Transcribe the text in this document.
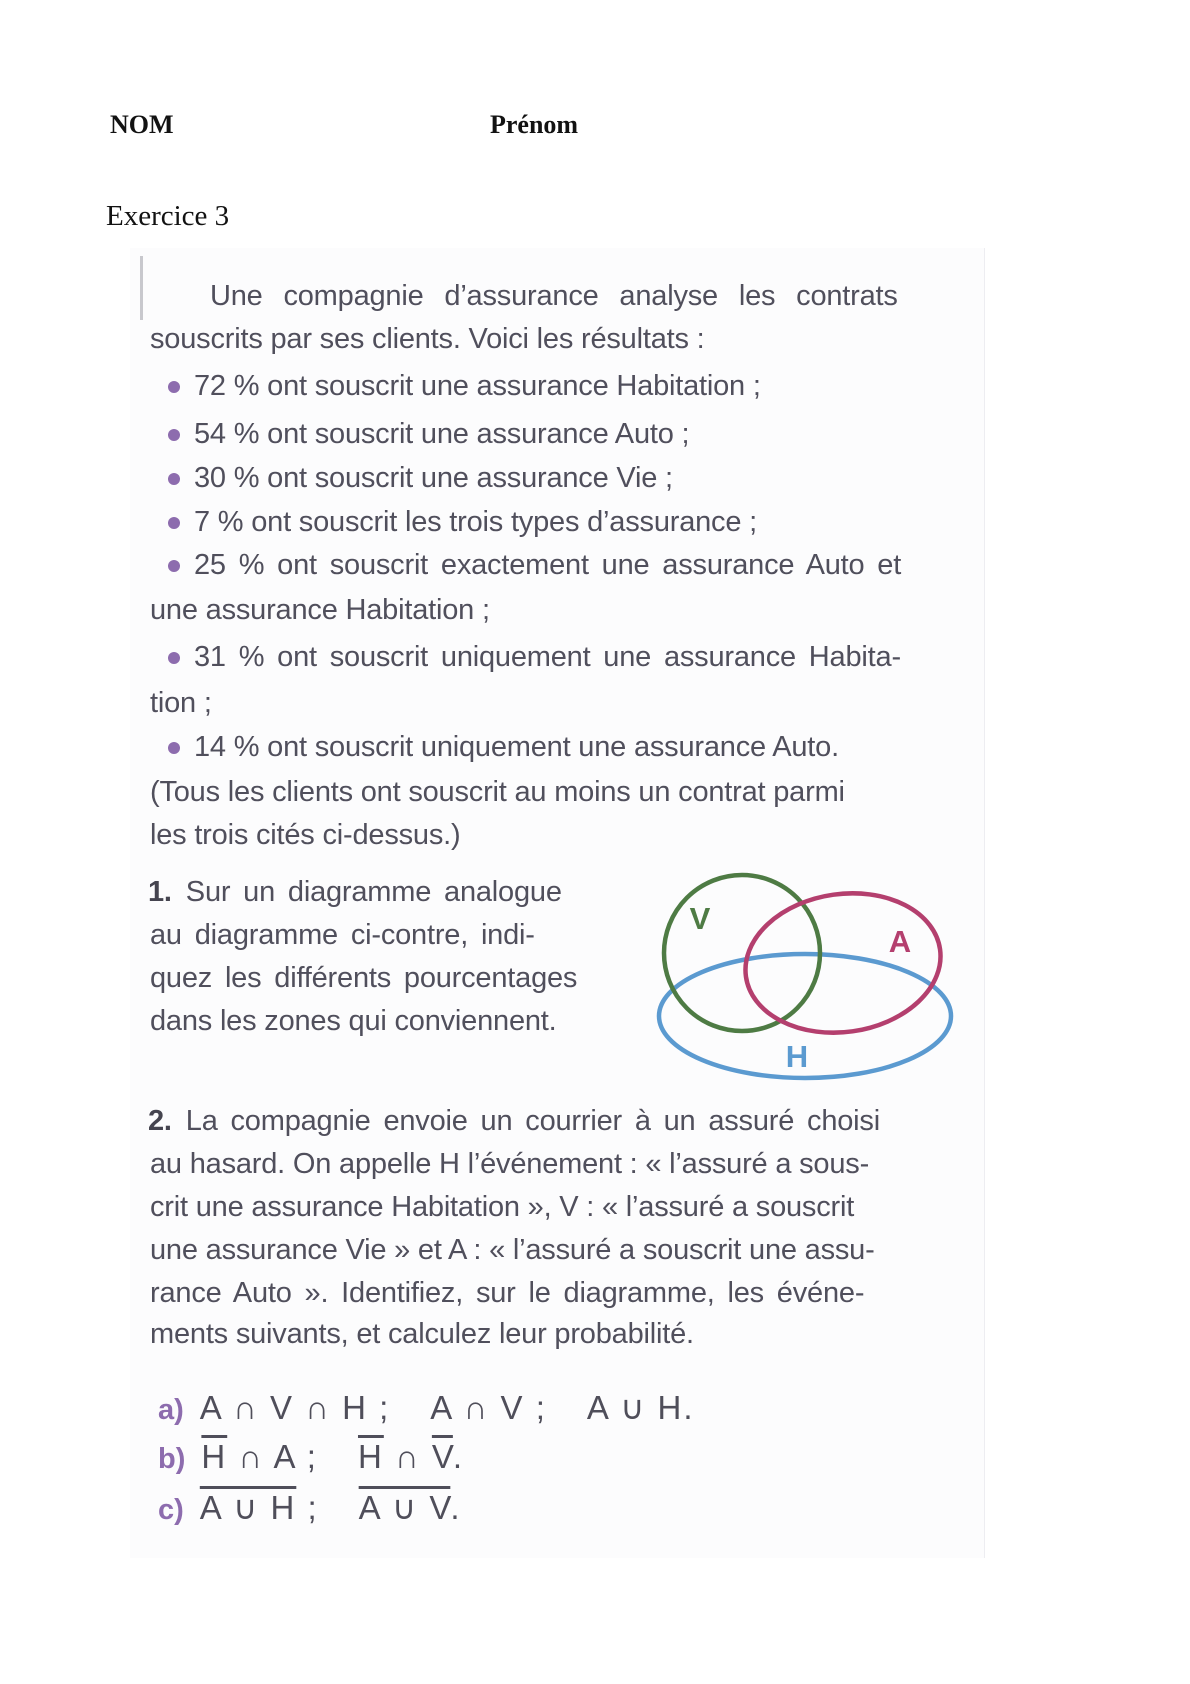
NOM	Prénom
Exercice 3
Une compagnie d’assurance analyse les contrats
souscrits par ses clients. Voici les résultats :
72 % ont souscrit une assurance Habitation ;
54 % ont souscrit une assurance Auto ;
30 % ont souscrit une assurance Vie ;
7 % ont souscrit les trois types d’assurance ;
25 % ont souscrit exactement une assurance Auto et
une assurance Habitation ;
31 % ont souscrit uniquement une assurance Habita-
tion ;
14 % ont souscrit uniquement une assurance Auto.
(Tous les clients ont souscrit au moins un contrat parmi
les trois cités ci-dessus.)
1. Sur un diagramme analogue
au diagramme ci-contre, indi-
quez les différents pourcentages
dans les zones qui conviennent.
V
A
H
2. La compagnie envoie un courrier à un assuré choisi
au hasard. On appelle H l’événement : « l’assuré a sous-
crit une assurance Habitation », V : « l’assuré a souscrit
une assurance Vie » et A : « l’assuré a souscrit une assu-
rance Auto ». Identifiez, sur le diagramme, les événe-
ments suivants, et calculez leur probabilité.
a) A ∩ V ∩ H ; A ∩ V ; A ∪ H.
b) $\overline{H}$ ∩ A ; $\overline{H}$ ∩ $\overline{V}$.
c) A ∪ H ; A ∪ V.
